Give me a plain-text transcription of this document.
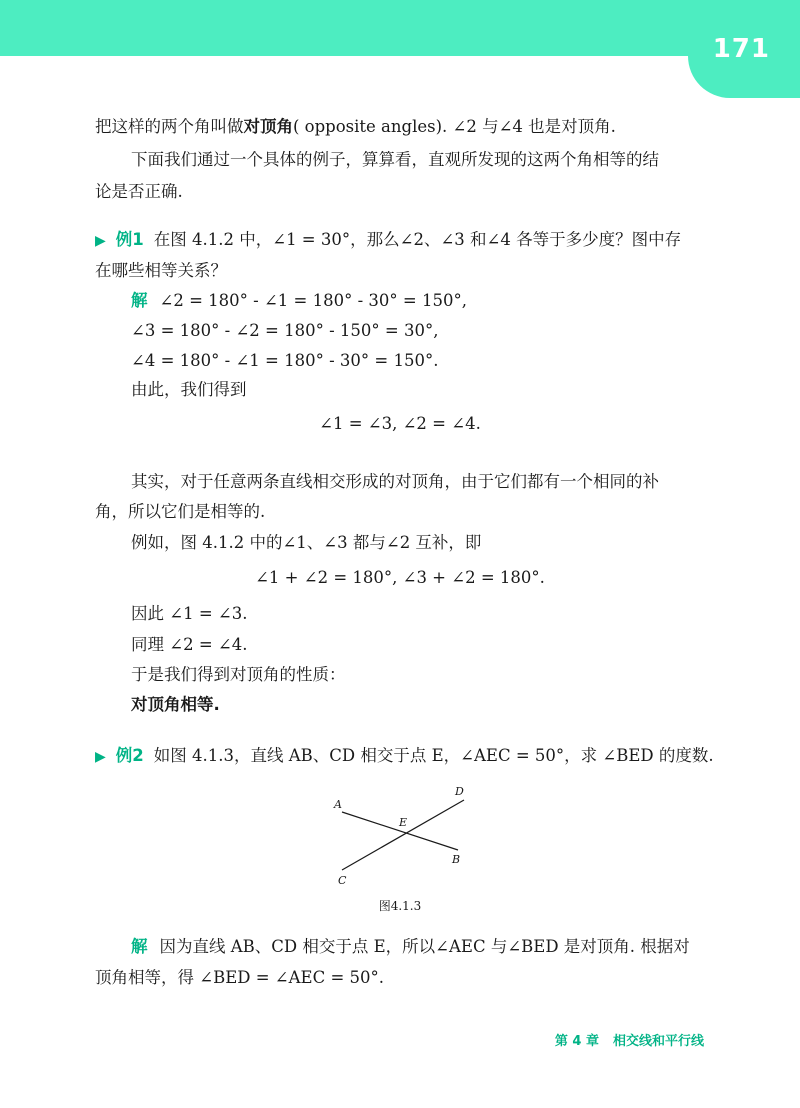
171
把这样的两个角叫做对顶角( opposite angles). ∠2 与∠4 也是对顶角.
下面我们通过一个具体的例子，算算看，直观所发现的这两个角相等的结
论是否正确.
▶ 例1 在图 4.1.2 中，∠1 = 30°，那么∠2、∠3 和∠4 各等于多少度？图中存
在哪些相等关系？
解 ∠2 = 180° - ∠1 = 180° - 30° = 150°,
∠3 = 180° - ∠2 = 180° - 150° = 30°,
∠4 = 180° - ∠1 = 180° - 30° = 150°.
由此，我们得到
∠1 = ∠3, ∠2 = ∠4.
其实，对于任意两条直线相交形成的对顶角，由于它们都有一个相同的补
角，所以它们是相等的.
例如，图 4.1.2 中的∠1、∠3 都与∠2 互补，即
∠1 + ∠2 = 180°, ∠3 + ∠2 = 180°.
因此 ∠1 = ∠3.
同理 ∠2 = ∠4.
于是我们得到对顶角的性质：
对顶角相等.
▶ 例2 如图 4.1.3，直线 AB、CD 相交于点 E，∠AEC = 50°，求 ∠BED 的度数.
A
B
C
D
E
图4.1.3
解 因为直线 AB、CD 相交于点 E，所以∠AEC 与∠BED 是对顶角. 根据对
顶角相等，得 ∠BED = ∠AEC = 50°.
第 4 章 相交线和平行线
